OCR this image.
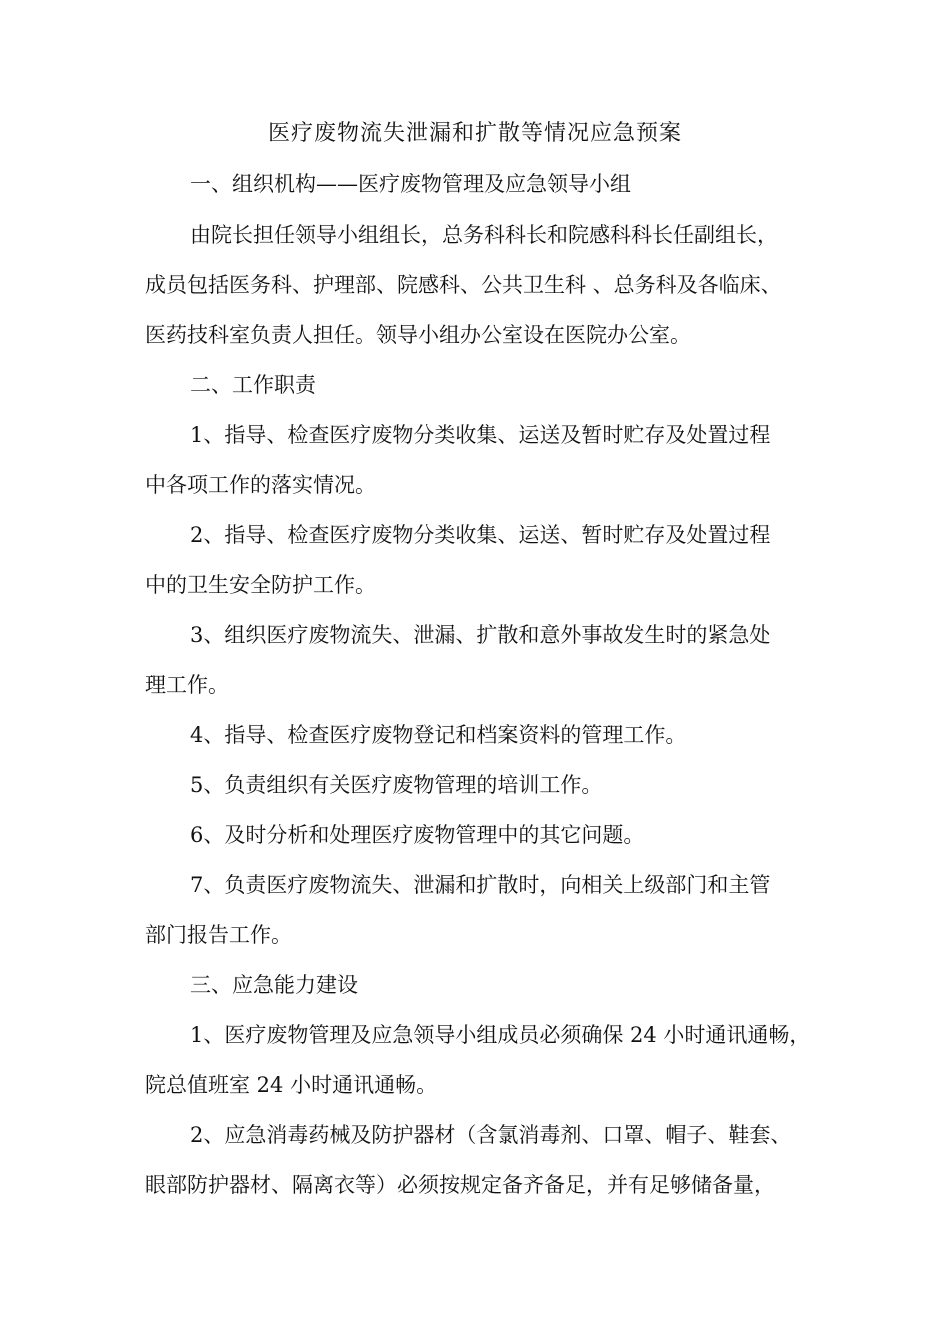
医疗废物流失泄漏和扩散等情况应急预案
一、组织机构——医疗废物管理及应急领导小组
由院长担任领导小组组长，总务科科长和院感科科长任副组长，
成员包括医务科、护理部、院感科、公共卫生科 、总务科及各临床、
医药技科室负责人担任。领导小组办公室设在医院办公室。
二、工作职责
1、指导、检查医疗废物分类收集、运送及暂时贮存及处置过程
中各项工作的落实情况。
2、指导、检查医疗废物分类收集、运送、暂时贮存及处置过程
中的卫生安全防护工作。
3、组织医疗废物流失、泄漏、扩散和意外事故发生时的紧急处
理工作。
4、指导、检查医疗废物登记和档案资料的管理工作。
5、负责组织有关医疗废物管理的培训工作。
6、及时分析和处理医疗废物管理中的其它问题。
7、负责医疗废物流失、泄漏和扩散时，向相关上级部门和主管
部门报告工作。
三、应急能力建设
1、医疗废物管理及应急领导小组成员必须确保 24 小时通讯通畅，
院总值班室 24 小时通讯通畅。
2、应急消毒药械及防护器材（含氯消毒剂、口罩、帽子、鞋套、
眼部防护器材、隔离衣等）必须按规定备齐备足，并有足够储备量，
